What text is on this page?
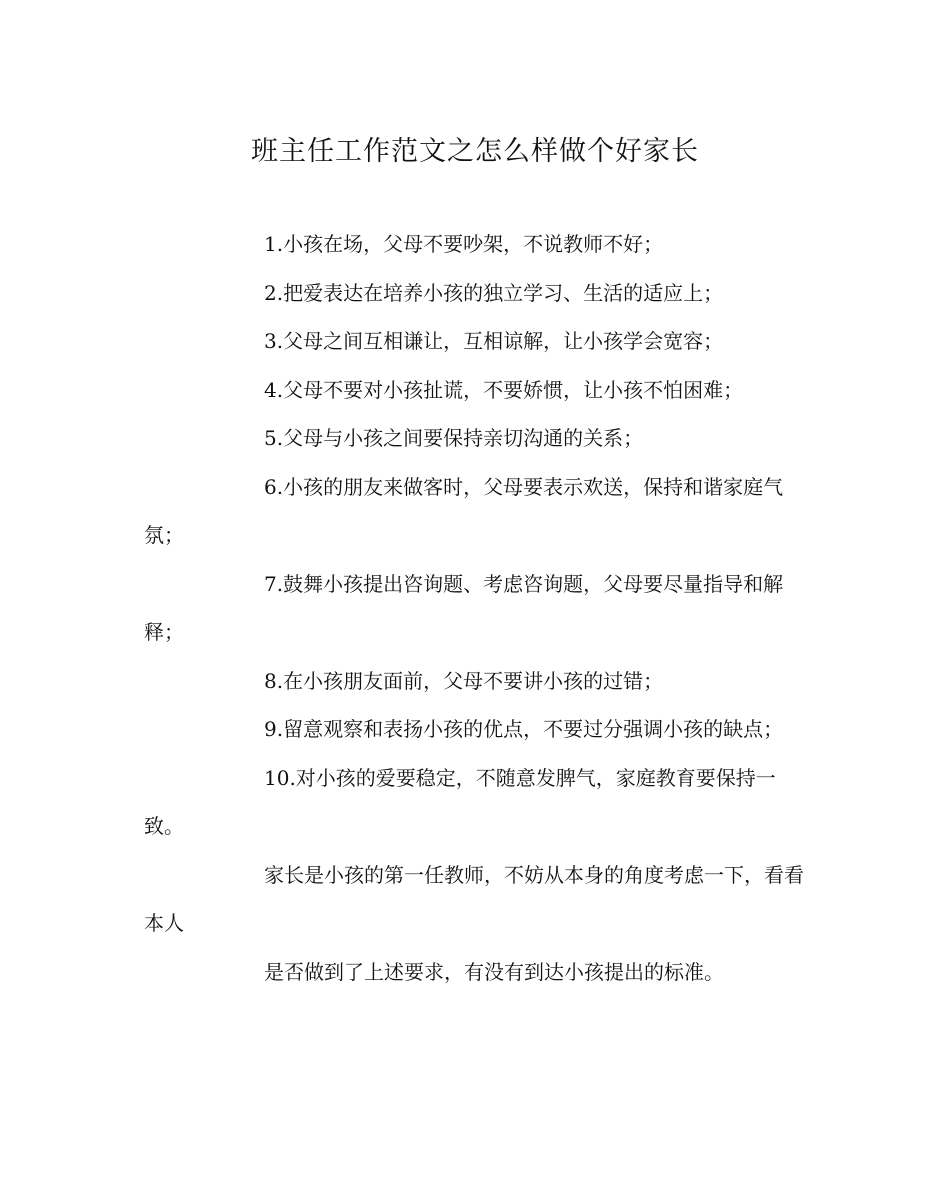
班主任工作范文之怎么样做个好家长

1.小孩在场，父母不要吵架，不说教师不好；

2.把爱表达在培养小孩的独立学习、生活的适应上；

3.父母之间互相谦让，互相谅解，让小孩学会宽容；

4.父母不要对小孩扯谎，不要娇惯，让小孩不怕困难；

5.父母与小孩之间要保持亲切沟通的关系；

6.小孩的朋友来做客时，父母要表示欢送，保持和谐家庭气氛；

7.鼓舞小孩提出咨询题、考虑咨询题，父母要尽量指导和解释；

8.在小孩朋友面前，父母不要讲小孩的过错；

9.留意观察和表扬小孩的优点，不要过分强调小孩的缺点；

10.对小孩的爱要稳定，不随意发脾气，家庭教育要保持一致。

家长是小孩的第一任教师，不妨从本身的角度考虑一下，看看本人

是否做到了上述要求，有没有到达小孩提出的标准。
